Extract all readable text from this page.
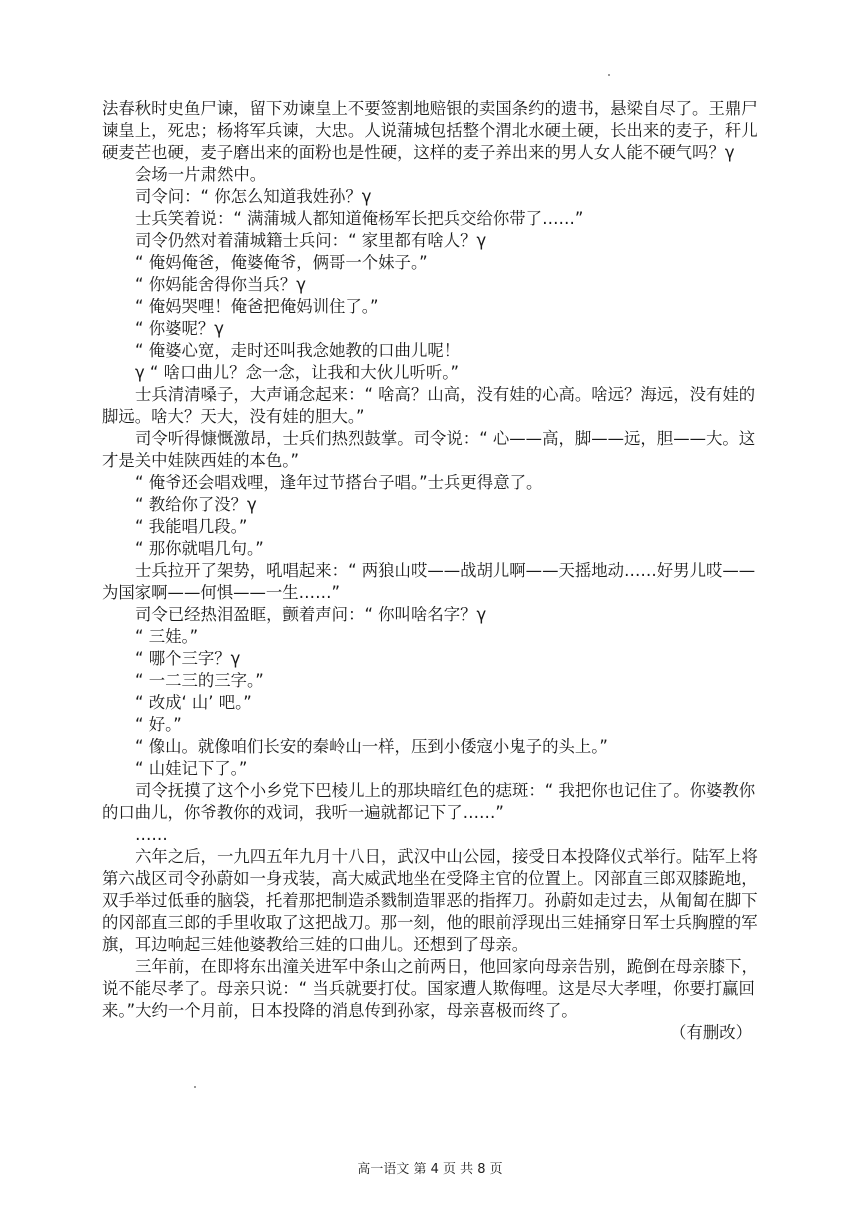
法春秋时史鱼尸谏，留下劝谏皇上不要签割地赔银的卖国条约的遗书，悬梁自尽了。王鼎尸谏皇上，死忠；杨将军兵谏，大忠。人说蒲城包括整个渭北水硬土硬，长出来的麦子，秆儿硬麦芒也硬，麦子磨出来的面粉也是性硬，这样的麦子养出来的男人女人能不硬气吗？γ

会场一片肃然中。

司令问：“ 你怎么知道我姓孙？γ

士兵笑着说：“ 满蒲城人都知道俺杨军长把兵交给你带了……”

司令仍然对着蒲城籍士兵问：“ 家里都有啥人？γ

“ 俺妈俺爸，俺婆俺爷，俩哥一个妹子。”

“ 你妈能舍得你当兵？γ

“ 俺妈哭哩！俺爸把俺妈训住了。”

“ 你婆呢？γ

“ 俺婆心宽，走时还叫我念她教的口曲儿呢！

γ “ 啥口曲儿？念一念，让我和大伙儿听听。”

士兵清清嗓子，大声诵念起来：“ 啥高？山高，没有娃的心高。啥远？海远，没有娃的脚远。啥大？天大，没有娃的胆大。”

司令听得慷慨激昂，士兵们热烈鼓掌。司令说：“ 心——高，脚——远，胆——大。这才是关中娃陕西娃的本色。”

“ 俺爷还会唱戏哩，逢年过节搭台子唱。”士兵更得意了。

“ 教给你了没？γ

“ 我能唱几段。”

“ 那你就唱几句。”

士兵拉开了架势，吼唱起来：“ 两狼山哎——战胡儿啊——天摇地动……好男儿哎——为国家啊——何惧——一生……”

司令已经热泪盈眶，颤着声问：“ 你叫啥名字？γ

“ 三娃。”

“ 哪个三字？γ

“ 一二三的三字。”

“ 改成‘ 山’ 吧。”

“ 好。”

“ 像山。就像咱们长安的秦岭山一样，压到小倭寇小鬼子的头上。”

“ 山娃记下了。”

司令抚摸了这个小乡党下巴棱儿上的那块暗红色的痣斑：“ 我把你也记住了。你婆教你的口曲儿，你爷教你的戏词，我听一遍就都记下了……”

……

六年之后，一九四五年九月十八日，武汉中山公园，接受日本投降仪式举行。陆军上将第六战区司令孙蔚如一身戎装，高大威武地坐在受降主官的位置上。冈部直三郎双膝跪地，双手举过低垂的脑袋，托着那把制造杀戮制造罪恶的指挥刀。孙蔚如走过去，从匍匐在脚下的冈部直三郎的手里收取了这把战刀。那一刻，他的眼前浮现出三娃捅穿日军士兵胸膛的军旗，耳边响起三娃他婆教给三娃的口曲儿。还想到了母亲。

三年前，在即将东出潼关进军中条山之前两日，他回家向母亲告别，跪倒在母亲膝下，说不能尽孝了。母亲只说：“ 当兵就要打仗。国家遭人欺侮哩。这是尽大孝哩，你要打赢回来。”大约一个月前，日本投降的消息传到孙家，母亲喜极而终了。

（有删改）

高一语文 第 4 页 共 8 页
